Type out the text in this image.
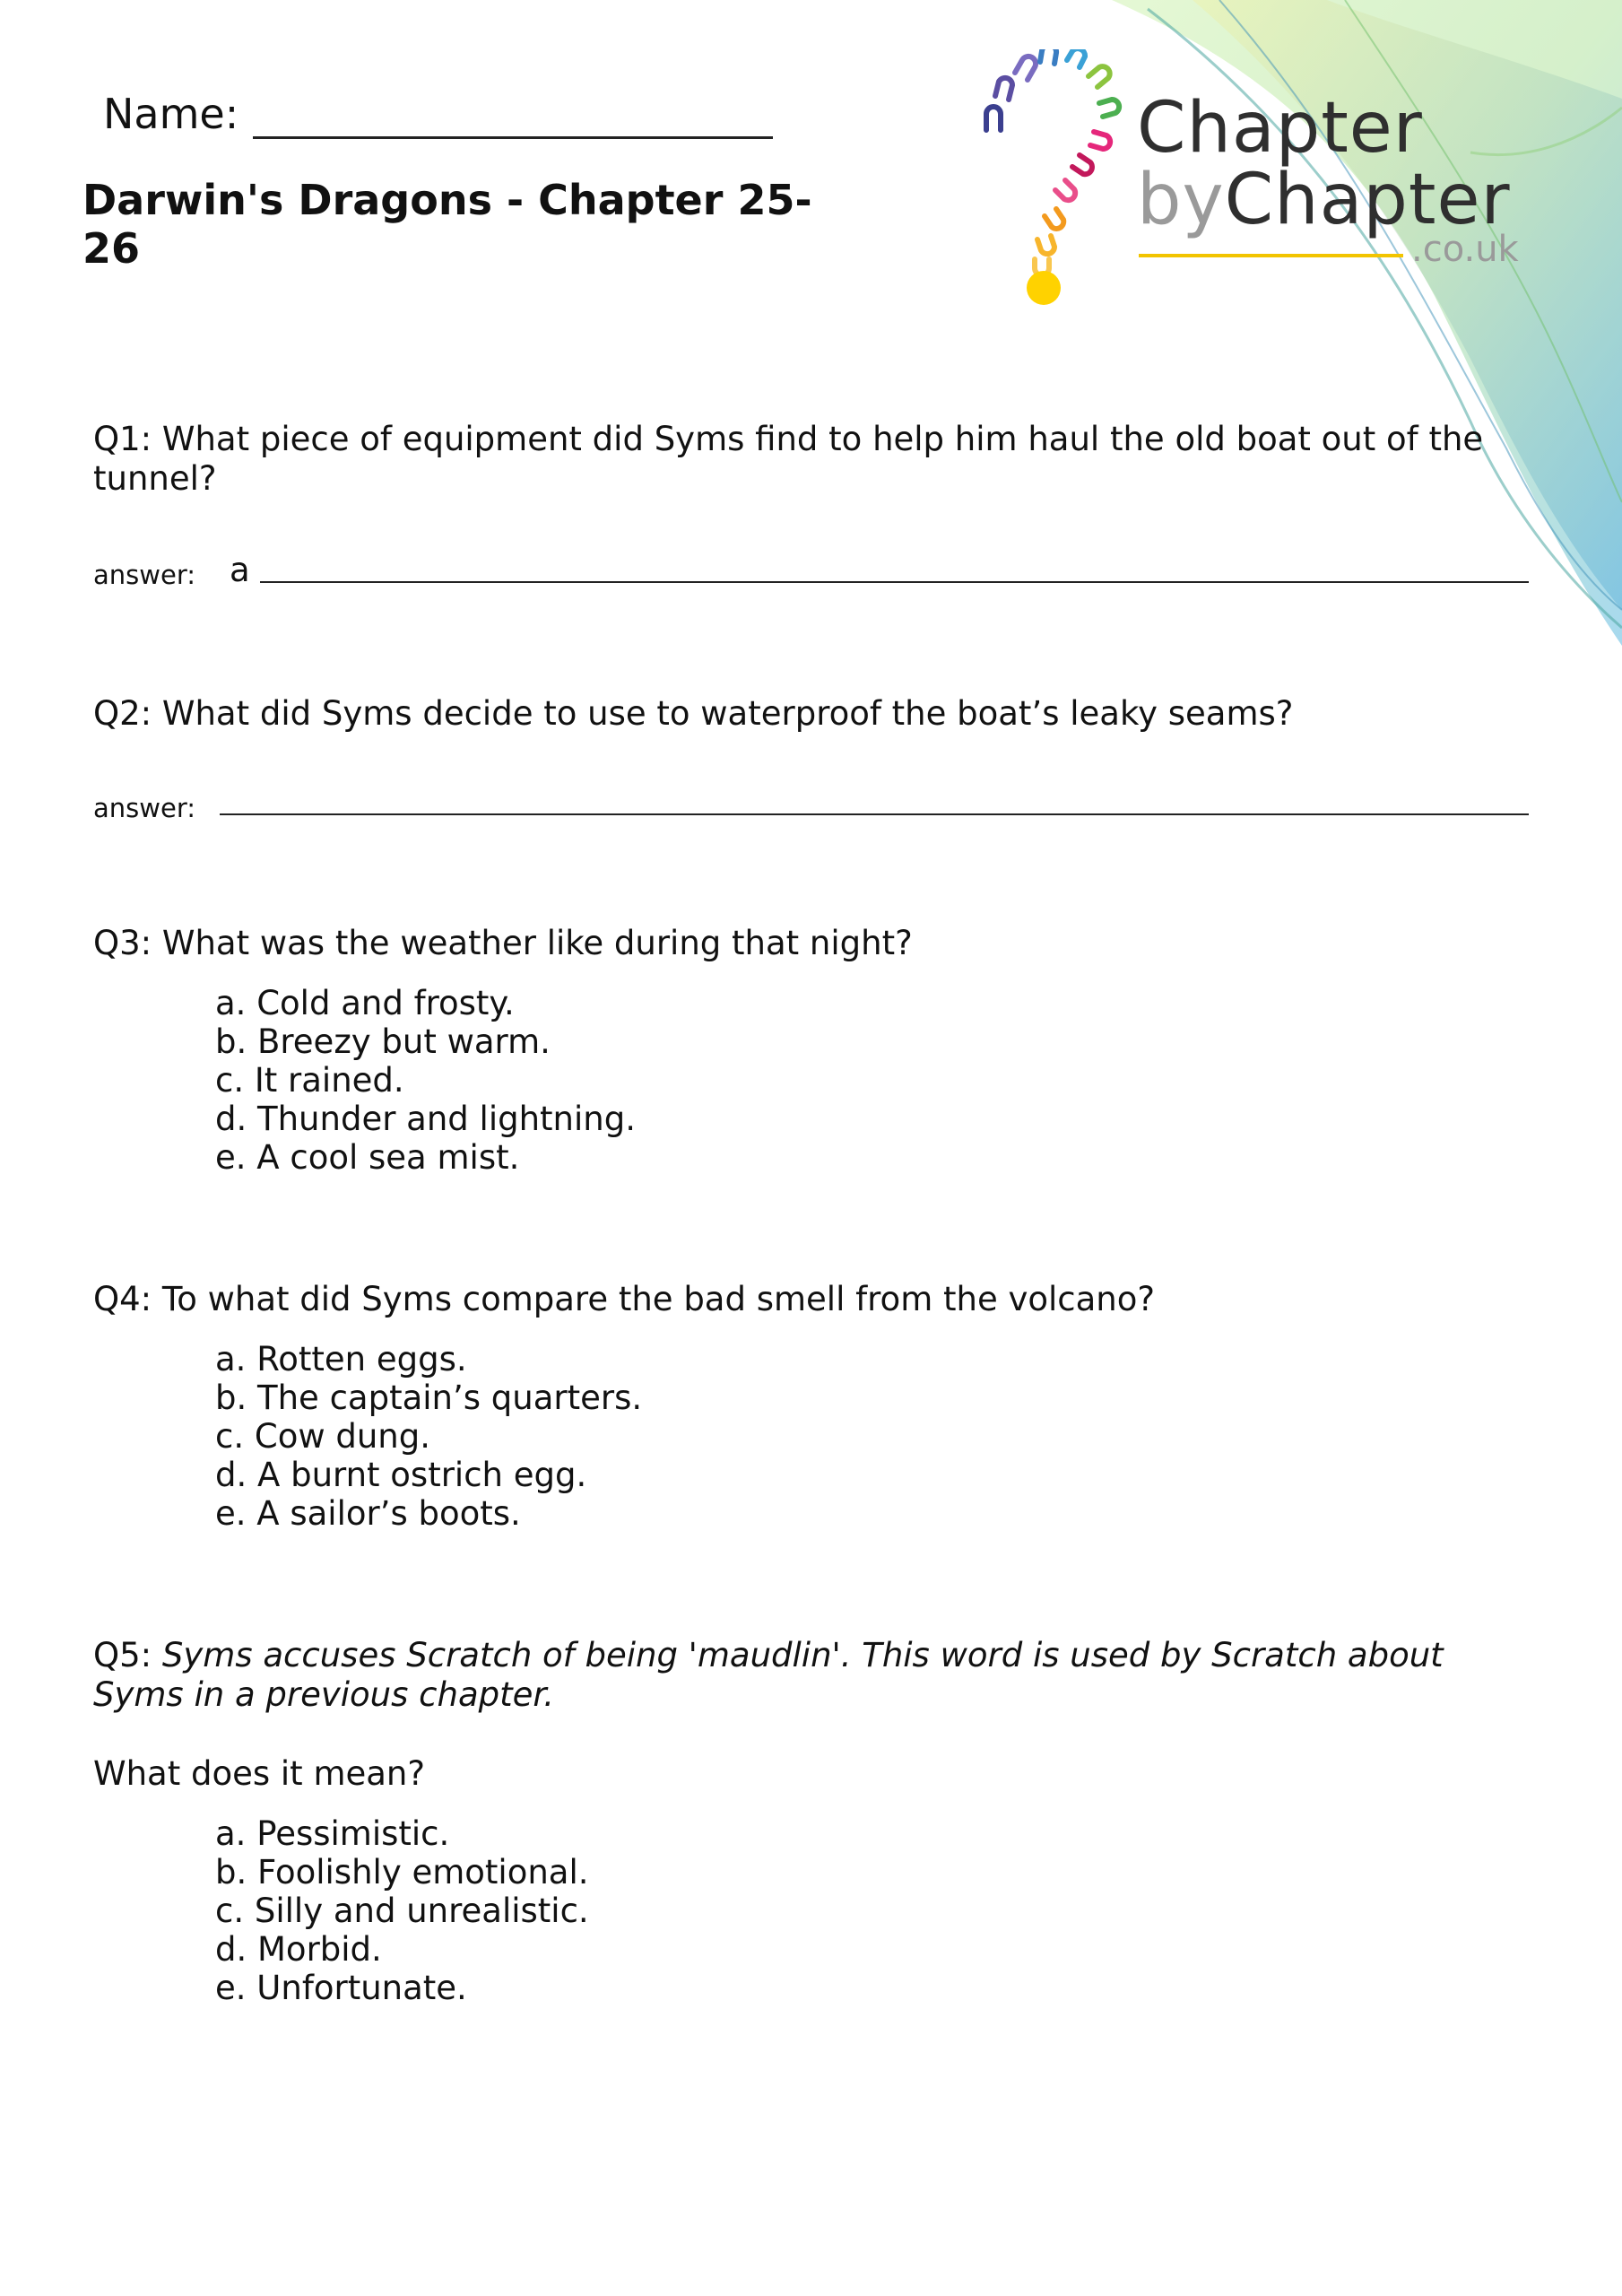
Name:
Darwin's Dragons - Chapter 25-26
Chapter
byChapter
.co.uk
Q1: What piece of equipment did Syms find to help him haul the old boat out of the tunnel?
answer: a
Q2: What did Syms decide to use to waterproof the boat’s leaky seams?
answer:
Q3: What was the weather like during that night?
a. Cold and frosty.
b. Breezy but warm.
c. It rained.
d. Thunder and lightning.
e. A cool sea mist.
Q4: To what did Syms compare the bad smell from the volcano?
a. Rotten eggs.
b. The captain’s quarters.
c. Cow dung.
d. A burnt ostrich egg.
e. A sailor’s boots.
Q5: Syms accuses Scratch of being 'maudlin'. This word is used by Scratch about Syms in a previous chapter.
What does it mean?
a. Pessimistic.
b. Foolishly emotional.
c. Silly and unrealistic.
d. Morbid.
e. Unfortunate.
